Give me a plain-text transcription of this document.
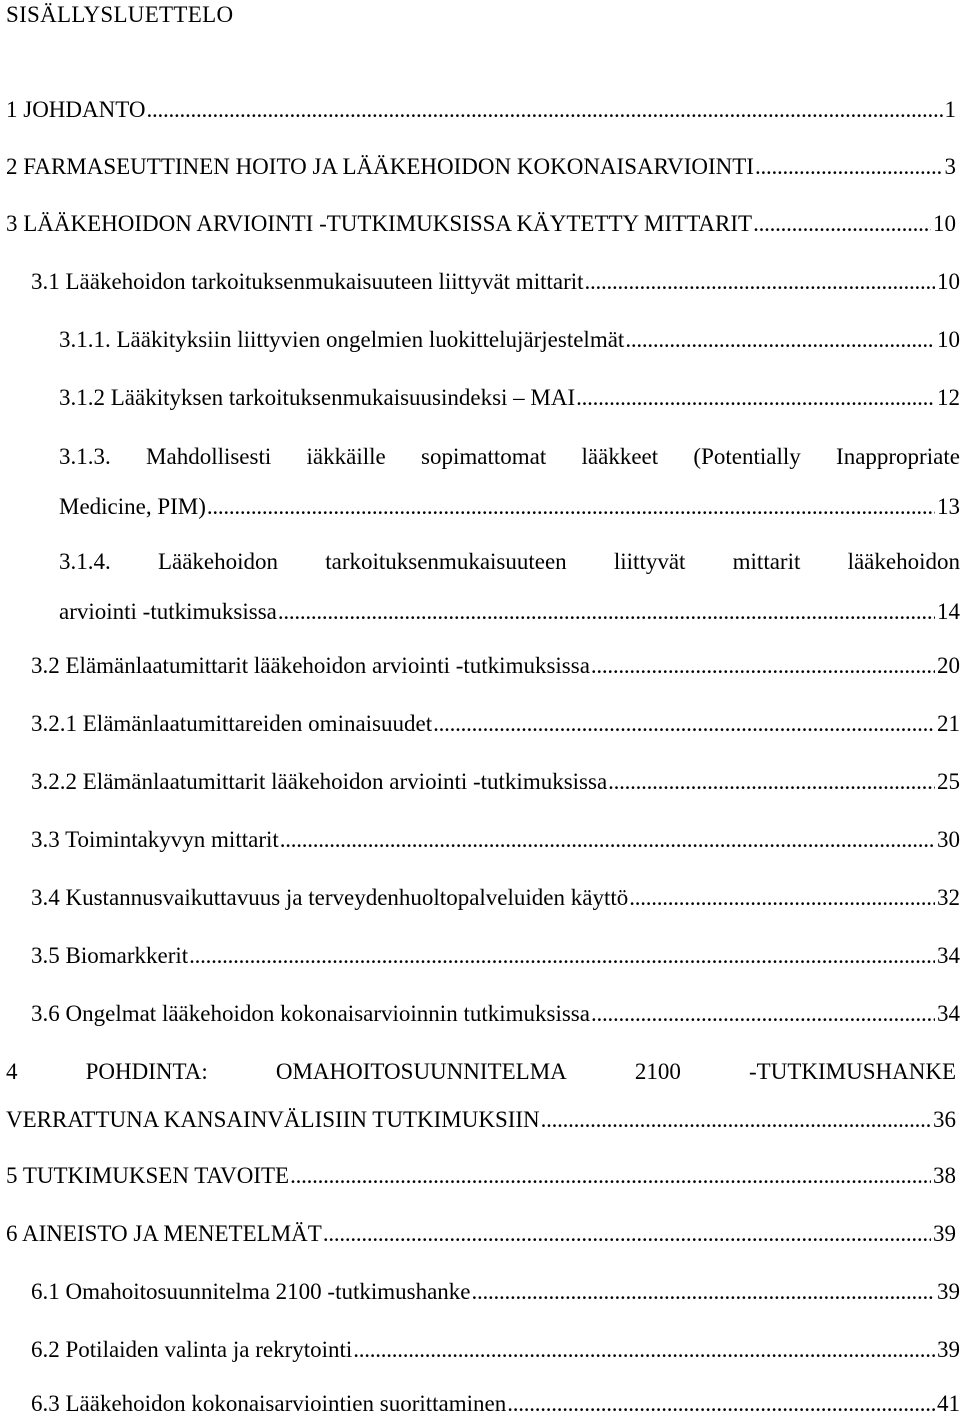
SISÄLLYSLUETTELO
1 JOHDANTO . . .	1
2 FARMASEUTTINEN HOITO JA LÄÄKEHOIDON KOKONAISARVIOINTI . . .	3
3 LÄÄKEHOIDON ARVIOINTI -TUTKIMUKSISSA KÄYTETTY MITTARIT . . .	10
3.1 Lääkehoidon tarkoituksenmukaisuuteen liittyvät mittarit . . .	10
3.1.1. Lääkityksiin liittyvien ongelmien luokittelujärjestelmät . . .	10
3.1.2 Lääkityksen tarkoituksenmukaisuusindeksi – MAI . . .	12
3.1.3. Mahdollisesti iäkkäille sopimattomat lääkkeet (Potentially Inappropriate
Medicine, PIM) . . .	13
3.1.4. Lääkehoidon tarkoituksenmukaisuuteen liittyvät mittarit lääkehoidon
arviointi -tutkimuksissa . . .	14
3.2 Elämänlaatumittarit lääkehoidon arviointi -tutkimuksissa . . .	20
3.2.1 Elämänlaatumittareiden ominaisuudet . . .	21
3.2.2 Elämänlaatumittarit lääkehoidon arviointi -tutkimuksissa . . .	25
3.3 Toimintakyvyn mittarit . . .	30
3.4 Kustannusvaikuttavuus ja terveydenhuoltopalveluiden käyttö . . .	32
3.5 Biomarkkerit . . .	34
3.6 Ongelmat lääkehoidon kokonaisarvioinnin tutkimuksissa . . .	34
4	POHDINTA:	OMAHOITOSUUNNITELMA	2100	-TUTKIMUSHANKE
VERRATTUNA KANSAINVÄLISIIN TUTKIMUKSIIN . . .	36
5 TUTKIMUKSEN TAVOITE . . .	38
6 AINEISTO JA MENETELMÄT . . .	39
6.1 Omahoitosuunnitelma 2100 -tutkimushanke . . .	39
6.2 Potilaiden valinta ja rekrytointi . . .	39
6.3 Lääkehoidon kokonaisarviointien suorittaminen . . .	41
